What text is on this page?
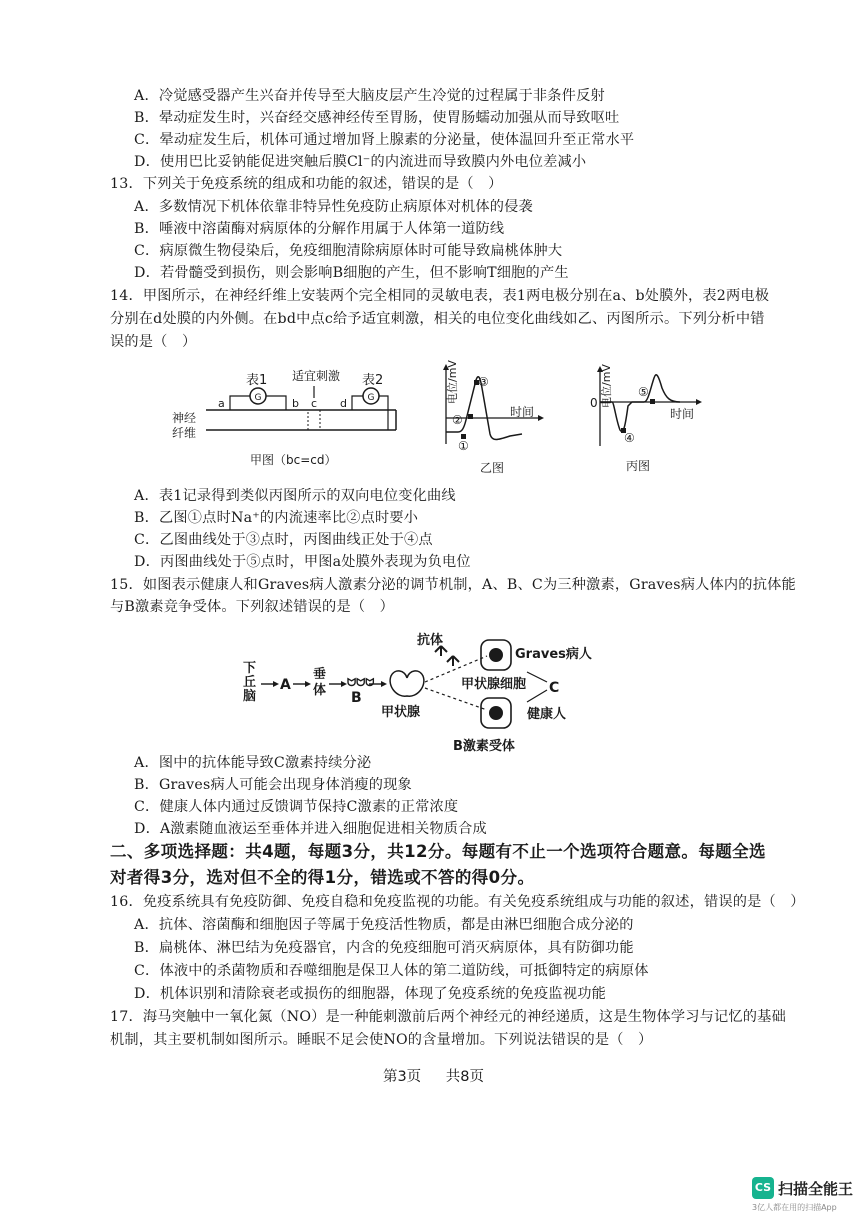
A．冷觉感受器产生兴奋并传导至大脑皮层产生冷觉的过程属于非条件反射
B．晕动症发生时，兴奋经交感神经传至胃肠，使胃肠蠕动加强从而导致呕吐
C．晕动症发生后，机体可通过增加肾上腺素的分泌量，使体温回升至正常水平
D．使用巴比妥钠能促进突触后膜Cl⁻的内流进而导致膜内外电位差减小
13．下列关于免疫系统的组成和功能的叙述，错误的是（　）
A．多数情况下机体依靠非特异性免疫防止病原体对机体的侵袭
B．唾液中溶菌酶对病原体的分解作用属于人体第一道防线
C．病原微生物侵染后，免疫细胞清除病原体时可能导致扁桃体肿大
D．若骨髓受到损伤，则会影响B细胞的产生，但不影响T细胞的产生
14．甲图所示，在神经纤维上安装两个完全相同的灵敏电表，表1两电极分别在a、b处膜外，表2两电极
分别在d处膜的内外侧。在bd中点c给予适宜刺激，相关的电位变化曲线如乙、丙图所示。下列分析中错
误的是（　）
G
表1
G
表2
适宜刺激
a	b c d
神经
纤维
甲图（bc=cd）
电位/mV
时间
①
②
③
乙图
电位/mV
0
时间
④
⑤
丙图
A．表1记录得到类似丙图所示的双向电位变化曲线
B．乙图①点时Na⁺的内流速率比②点时要小
C．乙图曲线处于③点时，丙图曲线正处于④点
D．丙图曲线处于⑤点时，甲图a处膜外表现为负电位
15．如图表示健康人和Graves病人激素分泌的调节机制，A、B、C为三种激素，Graves病人体内的抗体能
与B激素竞争受体。下列叙述错误的是（　）
下
丘
脑
A
垂
体
ᗢᗢᗢ
B
甲状腺
抗体
Graves病人
甲状腺细胞 C
健康人
B激素受体
A．图中的抗体能导致C激素持续分泌
B．Graves病人可能会出现身体消瘦的现象
C．健康人体内通过反馈调节保持C激素的正常浓度
D．A激素随血液运至垂体并进入细胞促进相关物质合成
二、多项选择题：共4题，每题3分，共12分。每题有不止一个选项符合题意。每题全选
对者得3分，选对但不全的得1分，错选或不答的得0分。
16．免疫系统具有免疫防御、免疫自稳和免疫监视的功能。有关免疫系统组成与功能的叙述，错误的是（　）
A．抗体、溶菌酶和细胞因子等属于免疫活性物质，都是由淋巴细胞合成分泌的
B．扁桃体、淋巴结为免疫器官，内含的免疫细胞可消灭病原体，具有防御功能
C．体液中的杀菌物质和吞噬细胞是保卫人体的第二道防线，可抵御特定的病原体
D．机体识别和清除衰老或损伤的细胞器，体现了免疫系统的免疫监视功能
17．海马突触中一氧化氮（NO）是一种能刺激前后两个神经元的神经递质，这是生物体学习与记忆的基础
机制，其主要机制如图所示。睡眠不足会使NO的含量增加。下列说法错误的是（　）
第3页 共8页
CS 扫描全能王
3亿人都在用的扫描App
